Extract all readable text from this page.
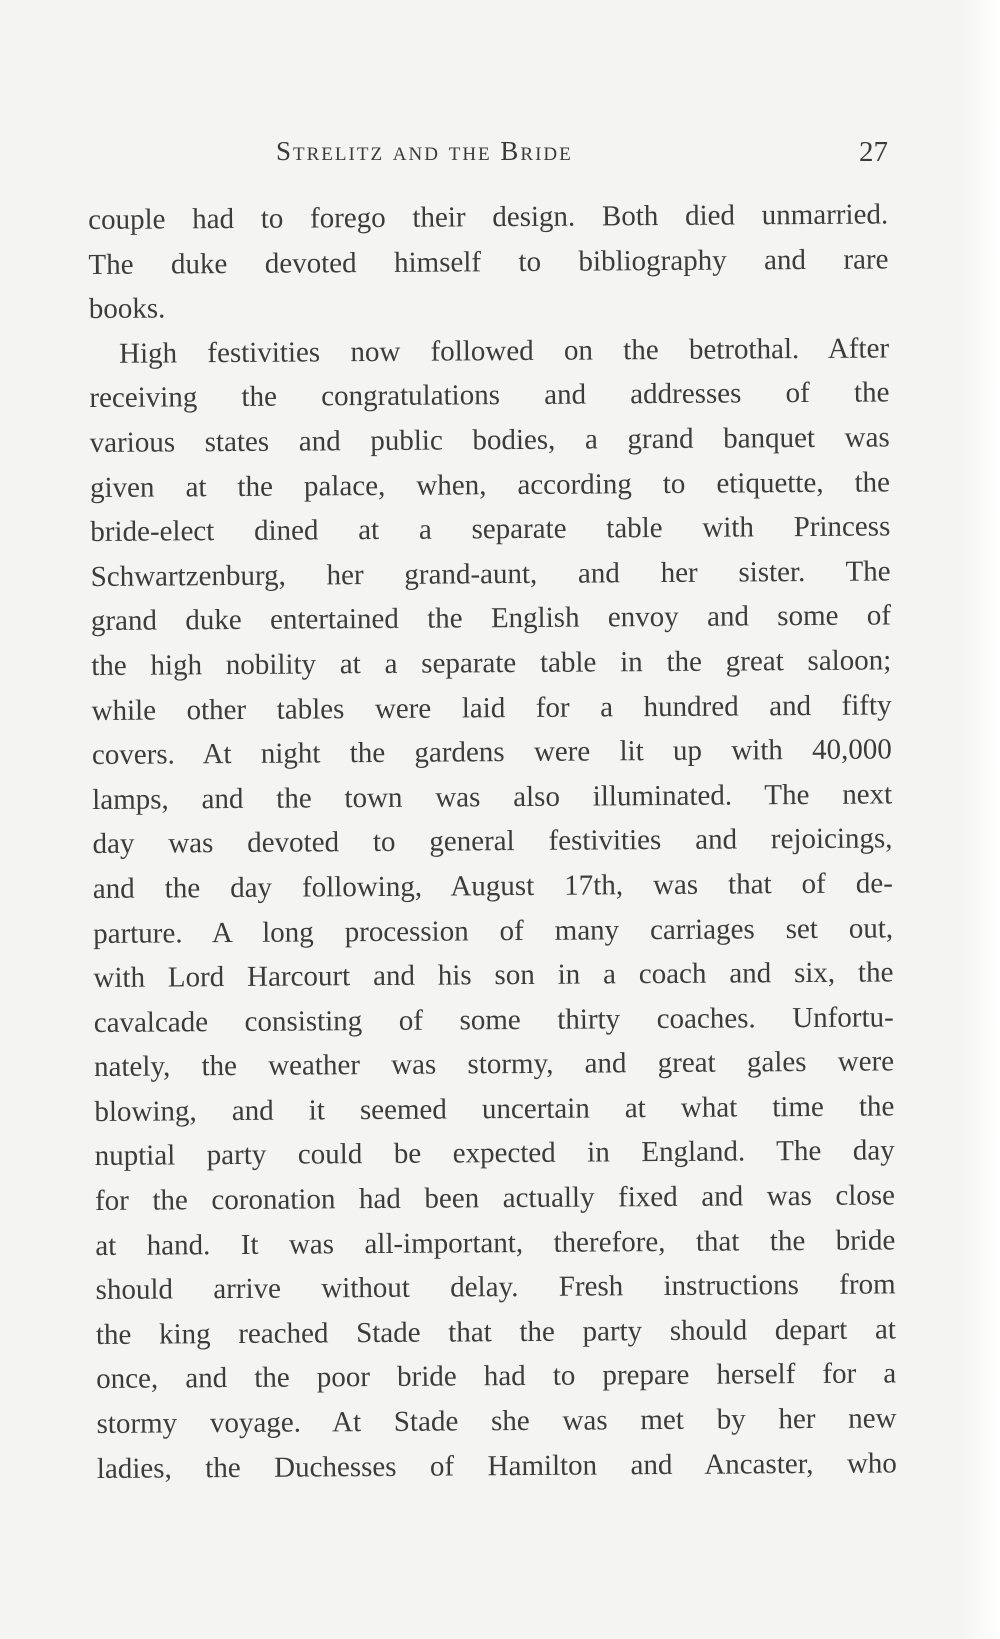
Strelitz and the Bride	27
couple had to forego their design. Both died unmarried.
The duke devoted himself to bibliography and rare
books.
High festivities now followed on the betrothal. After
receiving the congratulations and addresses of the
various states and public bodies, a grand banquet was
given at the palace, when, according to etiquette, the
bride-elect dined at a separate table with Princess
Schwartzenburg, her grand-aunt, and her sister. The
grand duke entertained the English envoy and some of
the high nobility at a separate table in the great saloon;
while other tables were laid for a hundred and fifty
covers. At night the gardens were lit up with 40,000
lamps, and the town was also illuminated. The next
day was devoted to general festivities and rejoicings,
and the day following, August 17th, was that of de-
parture. A long procession of many carriages set out,
with Lord Harcourt and his son in a coach and six, the
cavalcade consisting of some thirty coaches. Unfortu-
nately, the weather was stormy, and great gales were
blowing, and it seemed uncertain at what time the
nuptial party could be expected in England. The day
for the coronation had been actually fixed and was close
at hand. It was all-important, therefore, that the bride
should arrive without delay. Fresh instructions from
the king reached Stade that the party should depart at
once, and the poor bride had to prepare herself for a
stormy voyage. At Stade she was met by her new
ladies, the Duchesses of Hamilton and Ancaster, who
